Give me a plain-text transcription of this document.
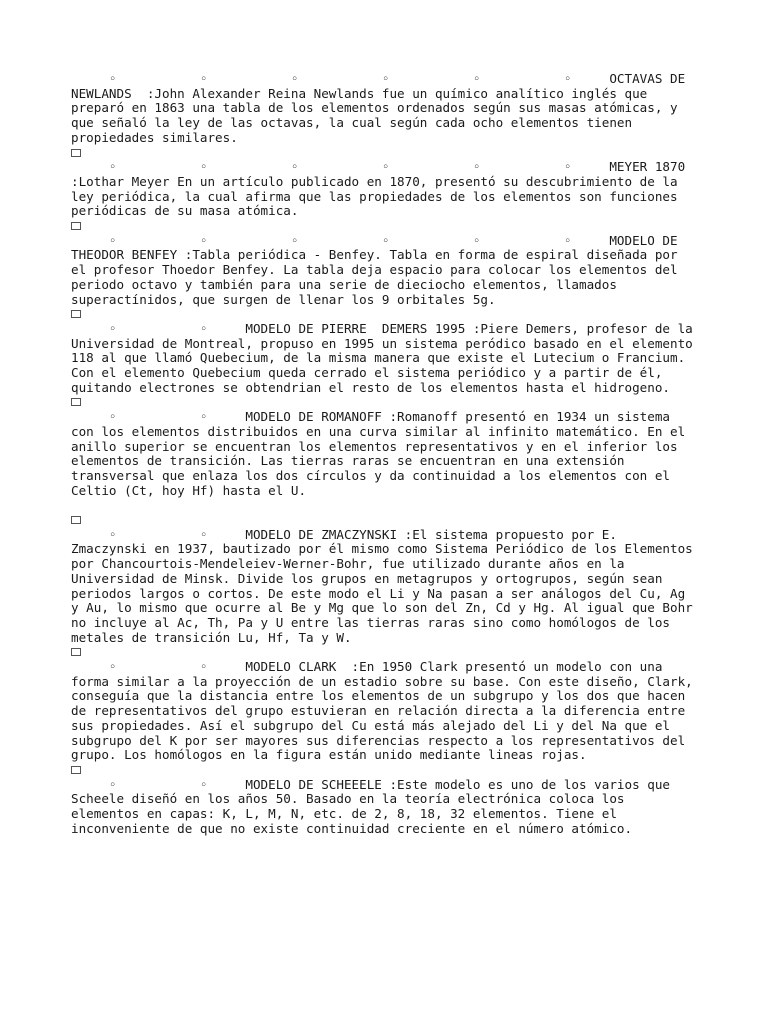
◦           ◦           ◦           ◦           ◦           ◦     OCTAVAS DE NEWLANDS  :John Alexander Reina Newlands fue un químico analítico inglés que preparó en 1863 una tabla de los elementos ordenados según sus masas atómicas, y que señaló la ley de las octavas, la cual según cada ocho elementos tienen propiedades similares.

◦           ◦           ◦           ◦           ◦           ◦     MEYER 1870 :Lothar Meyer En un artículo publicado en 1870, presentó su descubrimiento de la ley periódica, la cual afirma que las propiedades de los elementos son funciones periódicas de su masa atómica.

◦           ◦           ◦           ◦           ◦           ◦     MODELO DE THEODOR BENFEY :Tabla periódica - Benfey. Tabla en forma de espiral diseñada por el profesor Thoedor Benfey. La tabla deja espacio para colocar los elementos del periodo octavo y también para una serie de dieciocho elementos, llamados superactínidos, que surgen de llenar los 9 orbitales 5g.

◦           ◦     MODELO DE PIERRE  DEMERS 1995 :Piere Demers, profesor de la Universidad de Montreal, propuso en 1995 un sistema peródico basado en el elemento 118 al que llamó Quebecium, de la misma manera que existe el Lutecium o Francium. Con el elemento Quebecium queda cerrado el sistema periódico y a partir de él, quitando electrones se obtendrian el resto de los elementos hasta el hidrogeno.

◦           ◦     MODELO DE ROMANOFF :Romanoff presentó en 1934 un sistema con los elementos distribuidos en una curva similar al infinito matemático. En el anillo superior se encuentran los elementos representativos y en el inferior los elementos de transición. Las tierras raras se encuentran en una extensión transversal que enlaza los dos círculos y da continuidad a los elementos con el Celtio (Ct, hoy Hf) hasta el U.

◦           ◦     MODELO DE ZMACZYNSKI :El sistema propuesto por E. Zmaczynski en 1937, bautizado por él mismo como Sistema Periódico de los Elementos por Chancourtois-Mendeleiev-Werner-Bohr, fue utilizado durante años en la Universidad de Minsk. Divide los grupos en metagrupos y ortogrupos, según sean periodos largos o cortos. De este modo el Li y Na pasan a ser análogos del Cu, Ag y Au, lo mismo que ocurre al Be y Mg que lo son del Zn, Cd y Hg. Al igual que Bohr no incluye al Ac, Th, Pa y U entre las tierras raras sino como homólogos de los metales de transición Lu, Hf, Ta y W.

◦           ◦     MODELO CLARK  :En 1950 Clark presentó un modelo con una forma similar a la proyección de un estadio sobre su base. Con este diseño, Clark, conseguía que la distancia entre los elementos de un subgrupo y los dos que hacen de representativos del grupo estuvieran en relación directa a la diferencia entre sus propiedades. Así el subgrupo del Cu está más alejado del Li y del Na que el subgrupo del K por ser mayores sus diferencias respecto a los representativos del grupo. Los homólogos en la figura están unido mediante lineas rojas.

◦           ◦     MODELO DE SCHEEELE :Este modelo es uno de los varios que Scheele diseñó en los años 50. Basado en la teoría electrónica coloca los elementos en capas: K, L, M, N, etc. de 2, 8, 18, 32 elementos. Tiene el inconveniente de que no existe continuidad creciente en el número atómico.
